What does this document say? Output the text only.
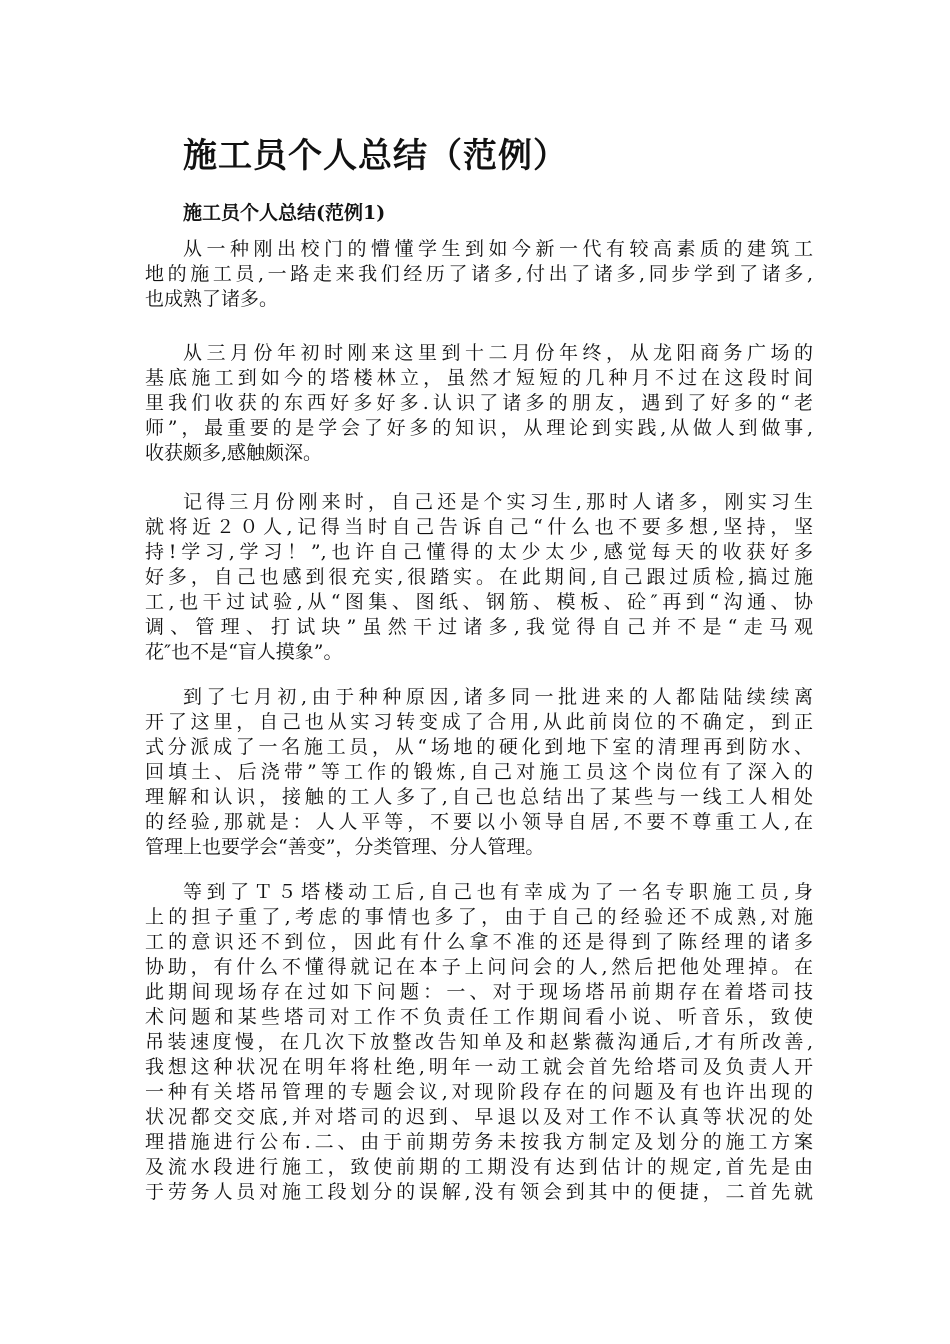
施工员个人总结（范例）
施工员个人总结(范例1)
从一种刚出校门的懵懂学生到如今新一代有较高素质的建筑工
地的施工员,一路走来我们经历了诸多,付出了诸多,同步学到了诸多,
也成熟了诸多。
从三月份年初时刚来这里到十二月份年终，从龙阳商务广场的
基底施工到如今的塔楼林立，虽然才短短的几种月不过在这段时间
里我们收获的东西好多好多.认识了诸多的朋友，遇到了好多的“老
师”，最重要的是学会了好多的知识，从理论到实践,从做人到做事,
收获颇多,感触颇深。
记得三月份刚来时，自己还是个实习生,那时人诸多，刚实习生
就将近２０人,记得当时自己告诉自己“什么也不要多想,坚持，坚
持!学习,学习！”,也许自己懂得的太少太少,感觉每天的收获好多
好多，自己也感到很充实,很踏实。在此期间,自己跟过质检,搞过施
工,也干过试验,从“图集、图纸、钢筋、模板、砼″再到“沟通、协
调、管理、打试块”虽然干过诸多,我觉得自己并不是“走马观
花″也不是“盲人摸象”。
到了七月初,由于种种原因,诸多同一批进来的人都陆陆续续离
开了这里，自己也从实习转变成了合用,从此前岗位的不确定，到正
式分派成了一名施工员，从“场地的硬化到地下室的清理再到防水、
回填土、后浇带”等工作的锻炼,自己对施工员这个岗位有了深入的
理解和认识，接触的工人多了,自己也总结出了某些与一线工人相处
的经验,那就是：人人平等，不要以小领导自居,不要不尊重工人,在
管理上也要学会“善变”，分类管理、分人管理。
等到了Ｔ５塔楼动工后,自己也有幸成为了一名专职施工员,身
上的担子重了,考虑的事情也多了，由于自己的经验还不成熟,对施
工的意识还不到位，因此有什么拿不准的还是得到了陈经理的诸多
协助，有什么不懂得就记在本子上问问会的人,然后把他处理掉。在
此期间现场存在过如下问题：一、对于现场塔吊前期存在着塔司技
术问题和某些塔司对工作不负责任工作期间看小说、听音乐，致使
吊装速度慢，在几次下放整改告知单及和赵紫薇沟通后,才有所改善,
我想这种状况在明年将杜绝,明年一动工就会首先给塔司及负责人开
一种有关塔吊管理的专题会议,对现阶段存在的问题及有也许出现的
状况都交交底,并对塔司的迟到、早退以及对工作不认真等状况的处
理措施进行公布.二、由于前期劳务未按我方制定及划分的施工方案
及流水段进行施工，致使前期的工期没有达到估计的规定,首先是由
于劳务人员对施工段划分的误解,没有领会到其中的便捷，二首先就
